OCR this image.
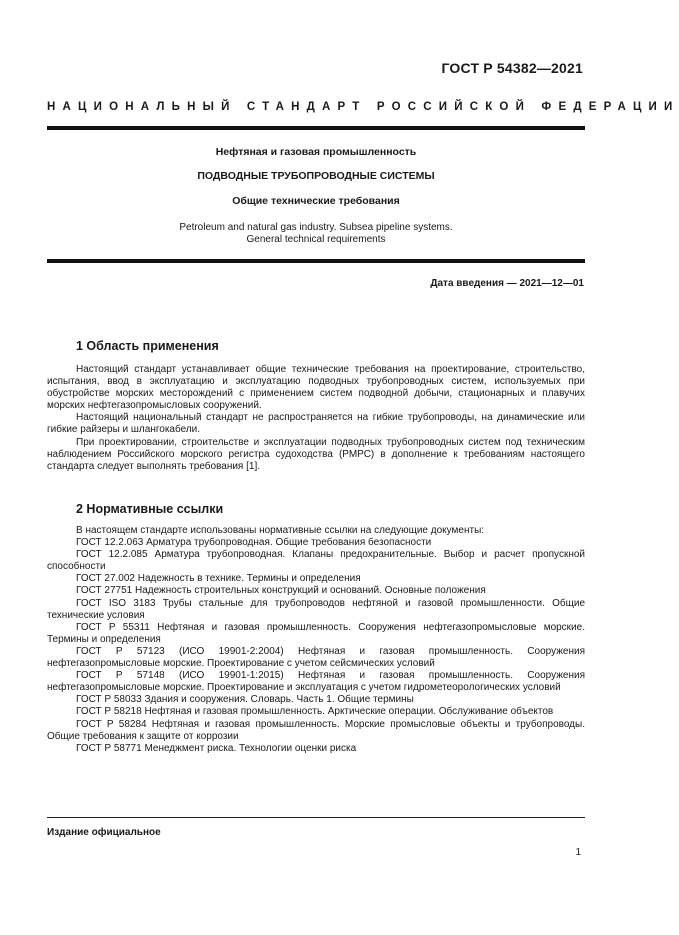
ГОСТ Р 54382—2021
НАЦИОНАЛЬНЫЙ СТАНДАРТ РОССИЙСКОЙ ФЕДЕРАЦИИ
Нефтяная и газовая промышленность
ПОДВОДНЫЕ ТРУБОПРОВОДНЫЕ СИСТЕМЫ
Общие технические требования
Petroleum and natural gas industry. Subsea pipeline systems.
General technical requirements
Дата введения — 2021—12—01
1 Область применения

Настоящий стандарт устанавливает общие технические требования на проектирование, строительство, испытания, ввод в эксплуатацию и эксплуатацию подводных трубопроводных систем, используемых при обустройстве морских месторождений с применением систем подводной добычи, стационарных и плавучих морских нефтегазопромысловых сооружений.

Настоящий национальный стандарт не распространяется на гибкие трубопроводы, на динамические или гибкие райзеры и шлангокабели.

При проектировании, строительстве и эксплуатации подводных трубопроводных систем под техническим наблюдением Российского морского регистра судоходства (РМРС) в дополнение к требованиям настоящего стандарта следует выполнять требования [1].

2 Нормативные ссылки

В настоящем стандарте использованы нормативные ссылки на следующие документы:

ГОСТ 12.2.063 Арматура трубопроводная. Общие требования безопасности

ГОСТ 12.2.085 Арматура трубопроводная. Клапаны предохранительные. Выбор и расчет пропускной способности

ГОСТ 27.002 Надежность в технике. Термины и определения

ГОСТ 27751 Надежность строительных конструкций и оснований. Основные положения

ГОСТ ISO 3183 Трубы стальные для трубопроводов нефтяной и газовой промышленности. Общие технические условия

ГОСТ Р 55311 Нефтяная и газовая промышленность. Сооружения нефтегазопромысловые морские. Термины и определения

ГОСТ Р 57123 (ИСО 19901-2:2004) Нефтяная и газовая промышленность. Сооружения нефтегазопромысловые морские. Проектирование с учетом сейсмических условий

ГОСТ Р 57148 (ИСО 19901-1:2015) Нефтяная и газовая промышленность. Сооружения нефтегазопромысловые морские. Проектирование и эксплуатация с учетом гидрометеорологических условий

ГОСТ Р 58033 Здания и сооружения. Словарь. Часть 1. Общие термины

ГОСТ Р 58218 Нефтяная и газовая промышленность. Арктические операции. Обслуживание объектов

ГОСТ Р 58284 Нефтяная и газовая промышленность. Морские промысловые объекты и трубопроводы. Общие требования к защите от коррозии

ГОСТ Р 58771 Менеджмент риска. Технологии оценки риска

Издание официальное
1
